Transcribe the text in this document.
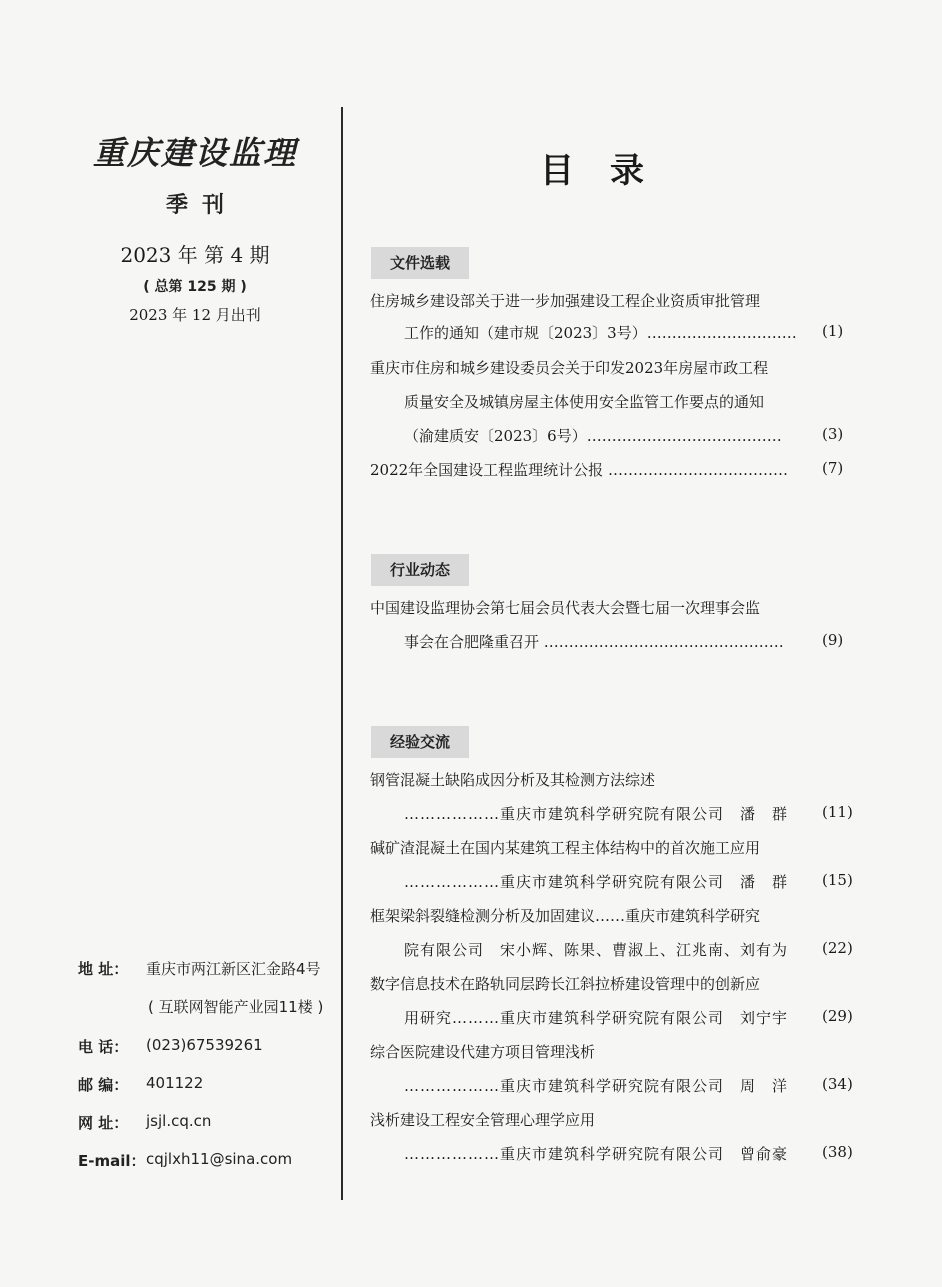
重庆建设监理
季刊
2023 年 第 4 期
( 总第 125 期 )
2023 年 12 月出刊
地 址：	重庆市两江新区汇金路4号
( 互联网智能产业园11楼 )
电 话：	(023)67539261
邮 编：	401122
网 址：	jsjl.cq.cn
E-mail： cqjlxh11@sina.com
目录
文件选载
住房城乡建设部关于进一步加强建设工程企业资质审批管理
工作的通知（建市规〔2023〕3号）………………………… (1)
重庆市住房和城乡建设委员会关于印发2023年房屋市政工程
质量安全及城镇房屋主体使用安全监管工作要点的通知
（渝建质安〔2023〕6号）…………………………………	(3)
2022年全国建设工程监理统计公报 ……………………………… (7)
行业动态
中国建设监理协会第七届会员代表大会暨七届一次理事会监
事会在合肥隆重召开 …………………………………………	(9)
经验交流
钢管混凝土缺陷成因分析及其检测方法综述
………………重庆市建筑科学研究院有限公司　潘　群 (11)
碱矿渣混凝土在国内某建筑工程主体结构中的首次施工应用
………………重庆市建筑科学研究院有限公司　潘　群 (15)
框架梁斜裂缝检测分析及加固建议……重庆市建筑科学研究
院有限公司　宋小辉、陈果、曹淑上、江兆南、刘有为 (22)
数字信息技术在路轨同层跨长江斜拉桥建设管理中的创新应
用研究………重庆市建筑科学研究院有限公司　刘宁宇 (29)
综合医院建设代建方项目管理浅析
………………重庆市建筑科学研究院有限公司　周　洋 (34)
浅析建设工程安全管理心理学应用
………………重庆市建筑科学研究院有限公司　曾俞豪 (38)
